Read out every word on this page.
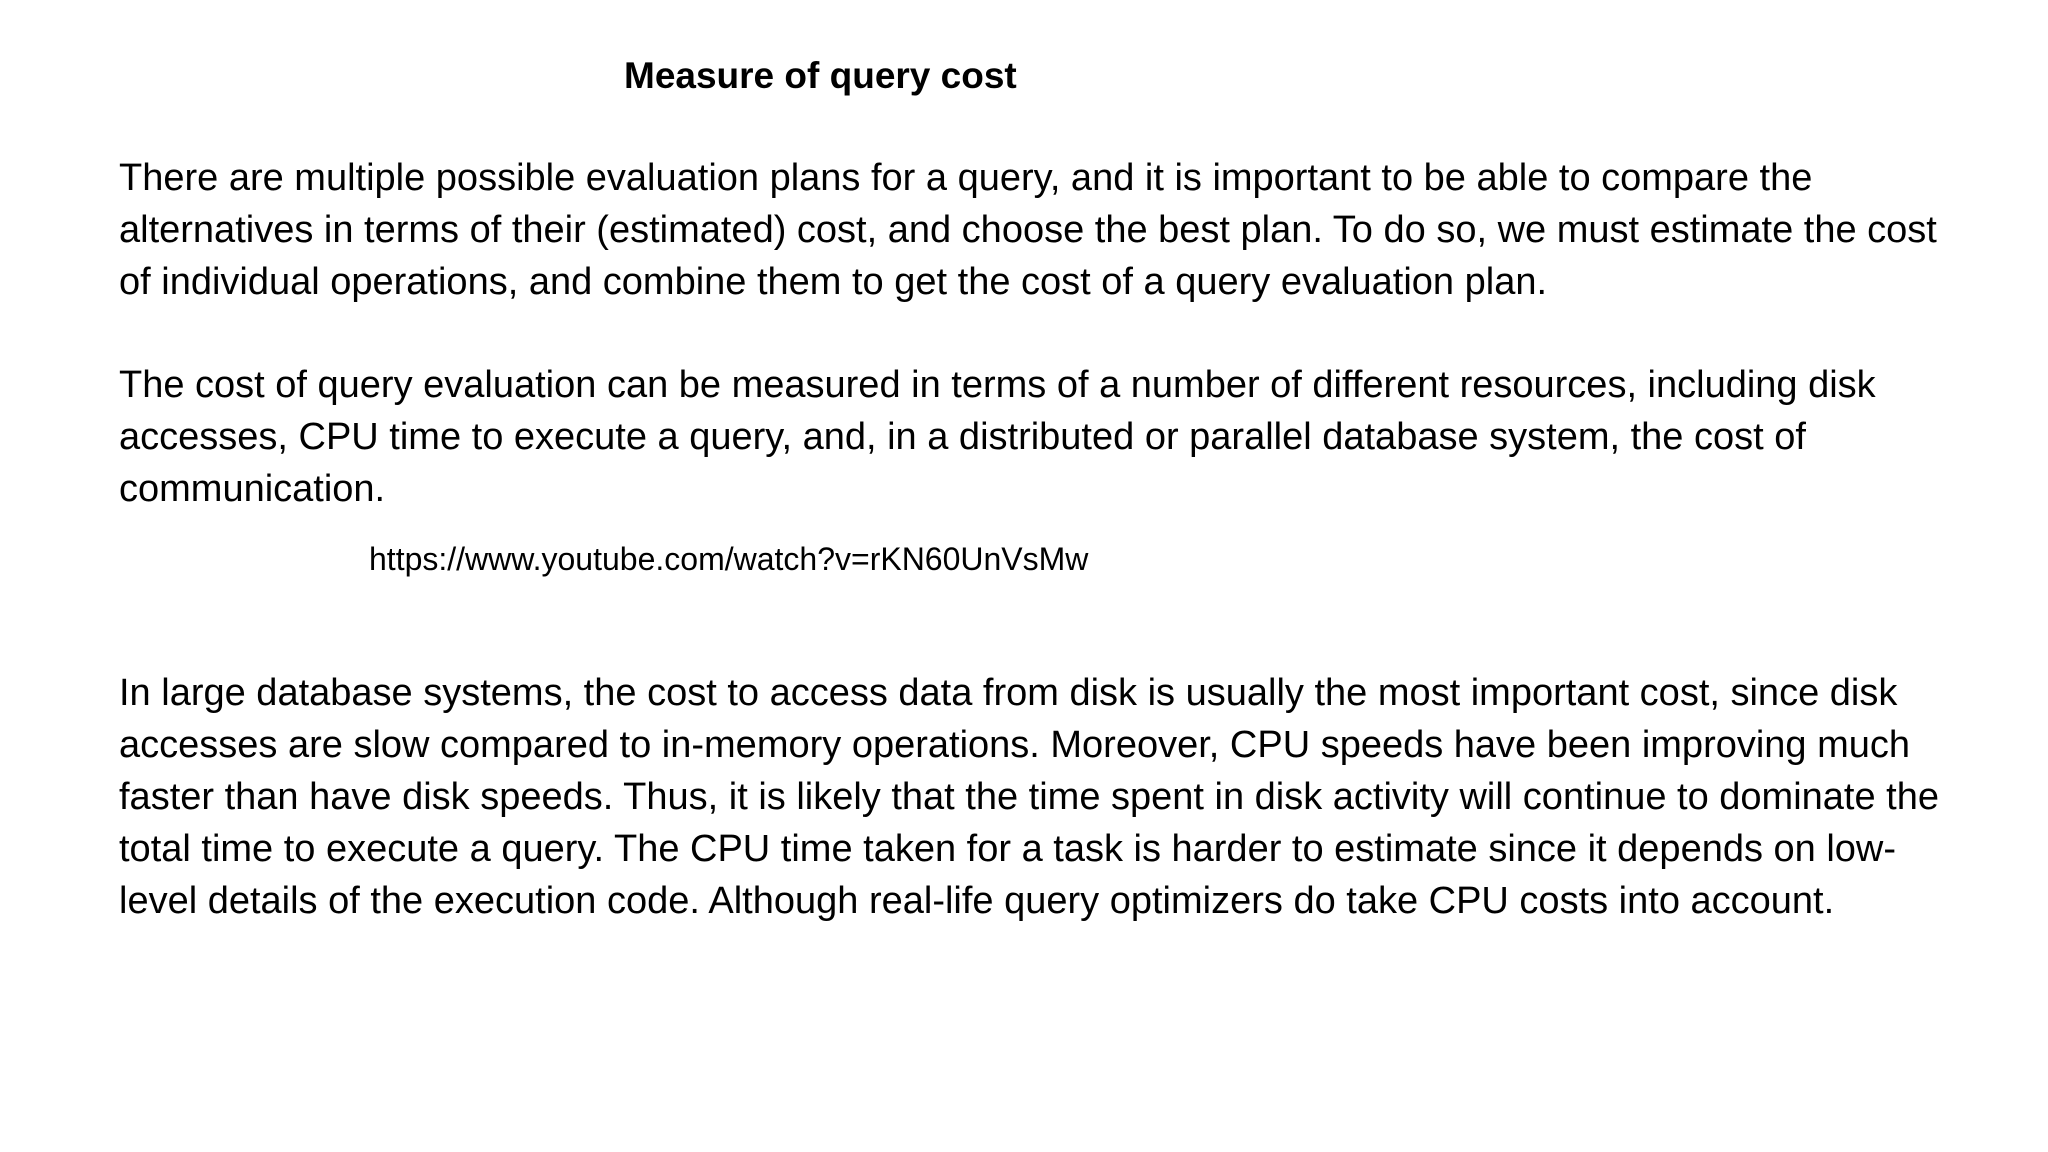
Measure of query cost

There are multiple possible evaluation plans for a query, and it is important to be able to compare the alternatives in terms of their (estimated) cost, and choose the best plan. To do so, we must estimate the cost of individual operations, and combine them to get the cost of a query evaluation plan.

The cost of query evaluation can be measured in terms of a number of different resources, including disk accesses, CPU time to execute a query, and, in a distributed or parallel database system, the cost of communication.

https://www.youtube.com/watch?v=rKN60UnVsMw

In large database systems, the cost to access data from disk is usually the most important cost, since disk accesses are slow compared to in-memory operations. Moreover, CPU speeds have been improving much faster than have disk speeds. Thus, it is likely that the time spent in disk activity will continue to dominate the total time to execute a query. The CPU time taken for a task is harder to estimate since it depends on low-level details of the execution code. Although real-life query optimizers do take CPU costs into account.
